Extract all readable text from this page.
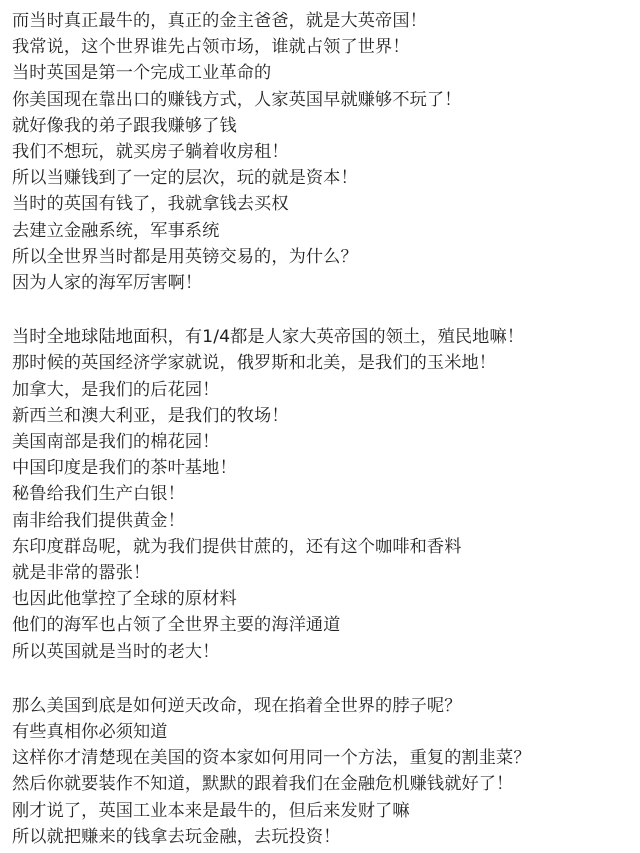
而当时真正最牛的，真正的金主爸爸，就是大英帝国！
我常说，这个世界谁先占领市场，谁就占领了世界！
当时英国是第一个完成工业革命的
你美国现在靠出口的赚钱方式，人家英国早就赚够不玩了！
就好像我的弟子跟我赚够了钱
我们不想玩，就买房子躺着收房租！
所以当赚钱到了一定的层次，玩的就是资本！
当时的英国有钱了，我就拿钱去买权
去建立金融系统，军事系统
所以全世界当时都是用英镑交易的，为什么？
因为人家的海军厉害啊！
当时全地球陆地面积，有1/4都是人家大英帝国的领土，殖民地嘛！
那时候的英国经济学家就说，俄罗斯和北美，是我们的玉米地！
加拿大，是我们的后花园！
新西兰和澳大利亚，是我们的牧场！
美国南部是我们的棉花园！
中国印度是我们的茶叶基地！
秘鲁给我们生产白银！
南非给我们提供黄金！
东印度群岛呢，就为我们提供甘蔗的，还有这个咖啡和香料
就是非常的嚣张！
也因此他掌控了全球的原材料
他们的海军也占领了全世界主要的海洋通道
所以英国就是当时的老大！
那么美国到底是如何逆天改命，现在掐着全世界的脖子呢？
有些真相你必须知道
这样你才清楚现在美国的资本家如何用同一个方法，重复的割韭菜？
然后你就要装作不知道，默默的跟着我们在金融危机赚钱就好了！
刚才说了，英国工业本来是最牛的，但后来发财了嘛
所以就把赚来的钱拿去玩金融，去玩投资！
